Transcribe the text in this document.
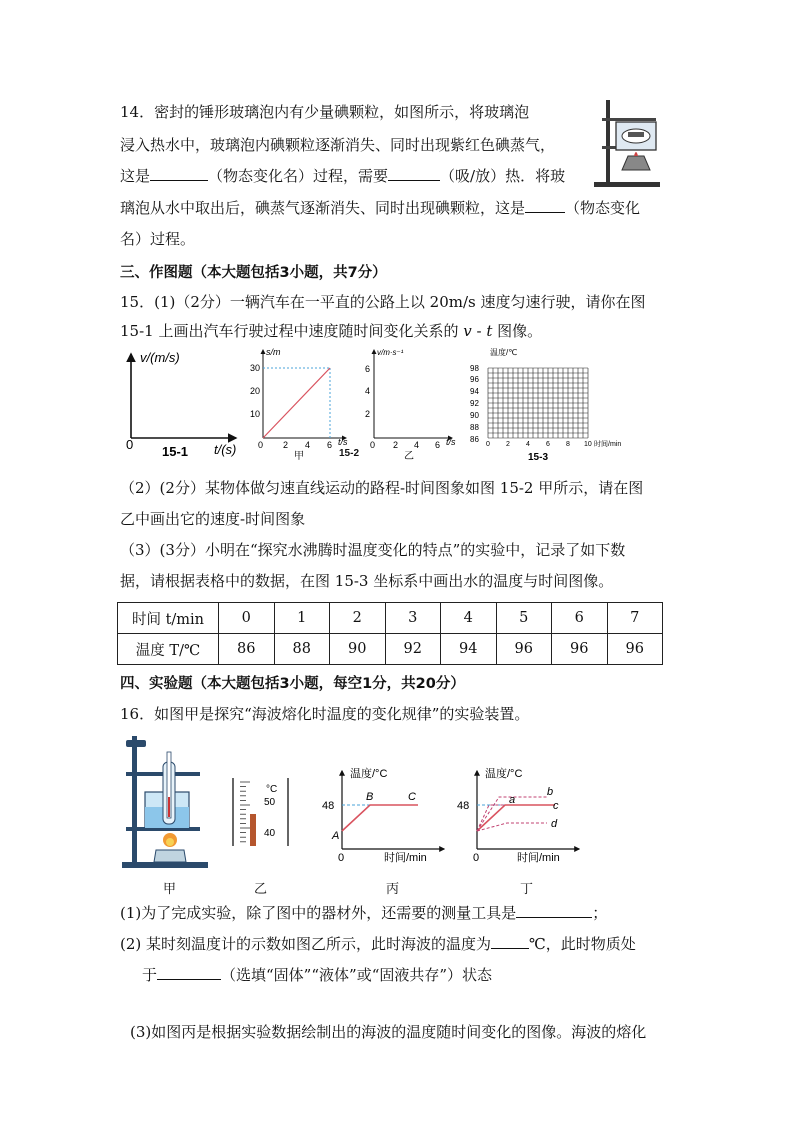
14．密封的锤形玻璃泡内有少量碘颗粒，如图所示，将玻璃泡
浸入热水中，玻璃泡内碘颗粒逐渐消失、同时出现紫红色碘蒸气，
这是	（物态变化名）过程，需要	（吸/放）热．将玻
璃泡从水中取出后，碘蒸气逐渐消失、同时出现碘颗粒，这是	（物态变化
名）过程。
三、作图题（本大题包括3小题，共7分）
15．(1)（2分）一辆汽车在一平直的公路上以 20m/s 速度匀速行驶，请你在图
15-1 上画出汽车行驶过程中速度随时间变化关系的 v - t 图像。
v/(m/s)
t/(s)
0 15-1
s/m
30
20
10
0 2 4 6 t/s
甲	15-2
v/m·s⁻¹
6
4
2
0 2 4 6 t/s
乙
温度/℃
98
96
94
92
90
88
86
0 2 4 6 8 10 时间/min
15-3
（2）(2分）某物体做匀速直线运动的路程-时间图象如图 15-2 甲所示，请在图
乙中画出它的速度-时间图象
（3）(3分）小明在“探究水沸腾时温度变化的特点”的实验中，记录了如下数
据，请根据表格中的数据，在图 15-3 坐标系中画出水的温度与时间图像。
时间 t/min	0	1	2	3	4	5	6	7
温度 T/℃	86	88	90	92	94	96	96	96
四、实验题（本大题包括3小题，每空1分，共20分）
16．如图甲是探究“海波熔化时温度的变化规律”的实验装置。
°C
50
40
温度/°C
48
0
A
B	C
时间/min
温度/°C
48
0
a
b
c
d
时间/min
甲	乙	丙	丁
(1)为了完成实验，除了图中的器材外，还需要的测量工具是	；
(2) 某时刻温度计的示数如图乙所示，此时海波的温度为	℃，此时物质处
于	（选填“固体”“液体”或“固液共存”）状态
(3)如图丙是根据实验数据绘制出的海波的温度随时间变化的图像。海波的熔化
